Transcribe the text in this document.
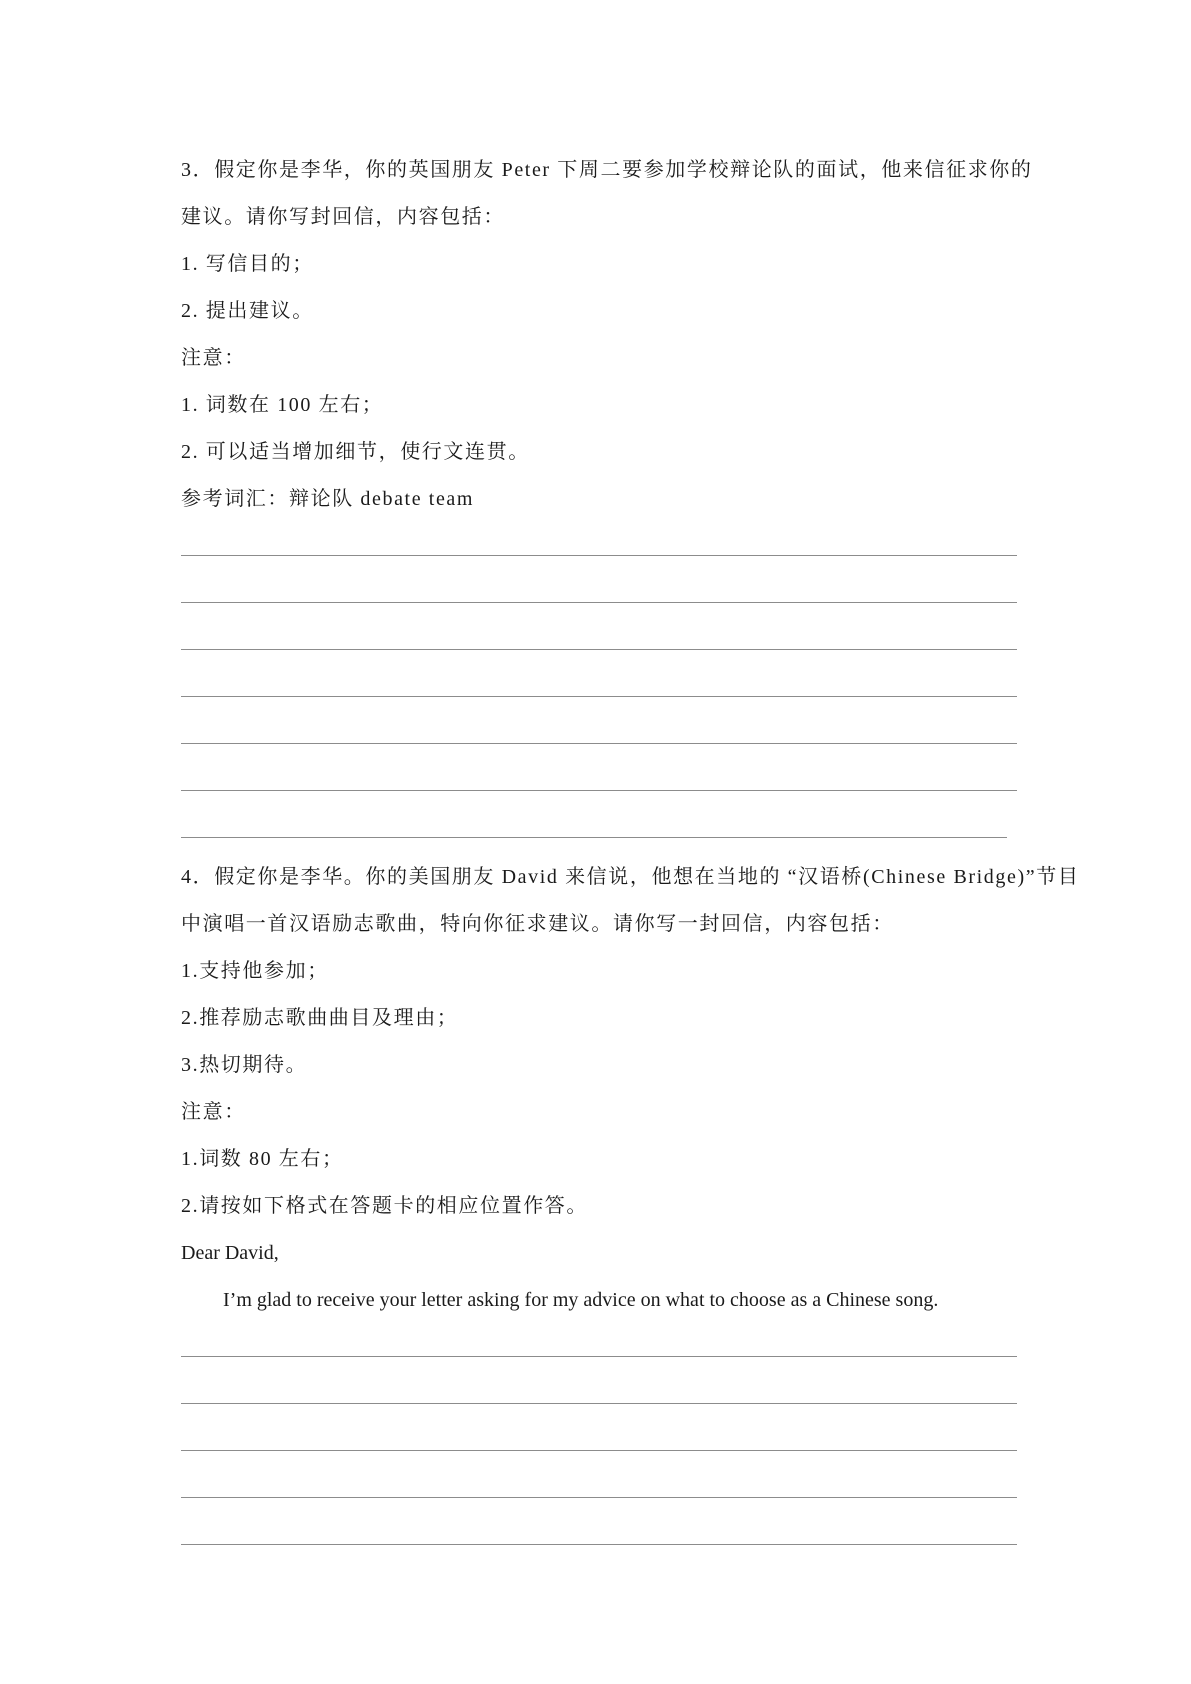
3．假定你是李华，你的英国朋友 Peter 下周二要参加学校辩论队的面试，他来信征求你的
建议。请你写封回信，内容包括：
1. 写信目的；
2. 提出建议。
注意：
1. 词数在 100 左右；
2. 可以适当增加细节，使行文连贯。
参考词汇：辩论队 debate team
4．假定你是李华。你的美国朋友 David 来信说，他想在当地的 “汉语桥(Chinese Bridge)”节目
中演唱一首汉语励志歌曲，特向你征求建议。请你写一封回信，内容包括：
1.支持他参加；
2.推荐励志歌曲曲目及理由；
3.热切期待。
注意：
1.词数 80 左右；
2.请按如下格式在答题卡的相应位置作答。
Dear David,
I’m glad to receive your letter asking for my advice on what to choose as a Chinese song.
